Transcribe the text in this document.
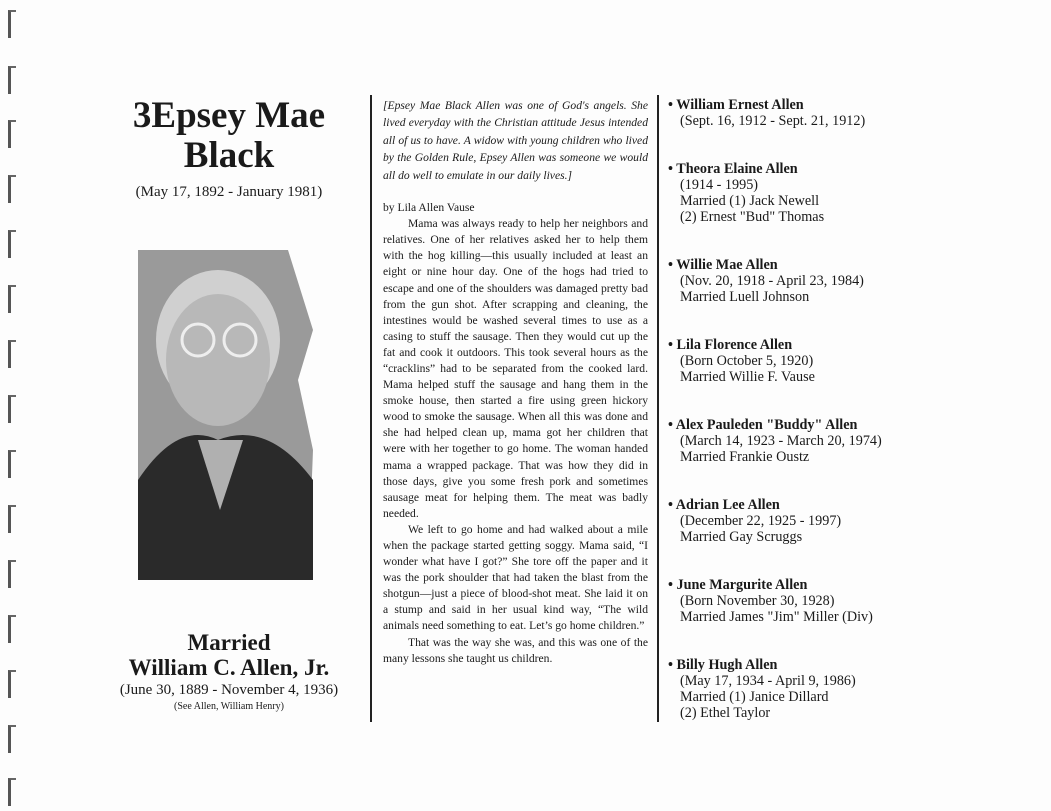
3Epsey Mae
Black
(May 17, 1892 - January 1981)
Married
William C. Allen, Jr.
(June 30, 1889 - November 4, 1936)
(See Allen, William Henry)
[Epsey Mae Black Allen was one of God's angels. She lived everyday with the Christian attitude Jesus intended all of us to have. A widow with young children who lived by the Golden Rule, Epsey Allen was someone we would all do well to emulate in our daily lives.]

by Lila Allen Vause

Mama was always ready to help her neighbors and relatives. One of her relatives asked her to help them with the hog killing—this usually included at least an eight or nine hour day. One of the hogs had tried to escape and one of the shoulders was damaged pretty bad from the gun shot. After scrapping and cleaning, the intestines would be washed several times to use as a casing to stuff the sausage. Then they would cut up the fat and cook it outdoors. This took several hours as the “cracklins” had to be separated from the cooked lard. Mama helped stuff the sausage and hang them in the smoke house, then started a fire using green hickory wood to smoke the sausage. When all this was done and she had helped clean up, mama got her children that were with her together to go home. The woman handed mama a wrapped package. That was how they did in those days, give you some fresh pork and sometimes sausage meat for helping them. The meat was badly needed.

We left to go home and had walked about a mile when the package started getting soggy. Mama said, “I wonder what have I got?” She tore off the paper and it was the pork shoulder that had taken the blast from the shotgun—just a piece of blood-shot meat. She laid it on a stump and said in her usual kind way, “The wild animals need something to eat. Let’s go home children.”

That was the way she was, and this was one of the many lessons she taught us children.

• William Ernest Allen
(Sept. 16, 1912 - Sept. 21, 1912)
• Theora Elaine Allen
(1914 - 1995)
Married (1) Jack Newell
(2) Ernest "Bud" Thomas
• Willie Mae Allen
(Nov. 20, 1918 - April 23, 1984)
Married Luell Johnson
• Lila Florence Allen
(Born October 5, 1920)
Married Willie F. Vause
• Alex Pauleden "Buddy" Allen
(March 14, 1923 - March 20, 1974)
Married Frankie Oustz
• Adrian Lee Allen
(December 22, 1925 - 1997)
Married Gay Scruggs
• June Margurite Allen
(Born November 30, 1928)
Married James "Jim" Miller (Div)
• Billy Hugh Allen
(May 17, 1934 - April 9, 1986)
Married (1) Janice Dillard
(2) Ethel Taylor
